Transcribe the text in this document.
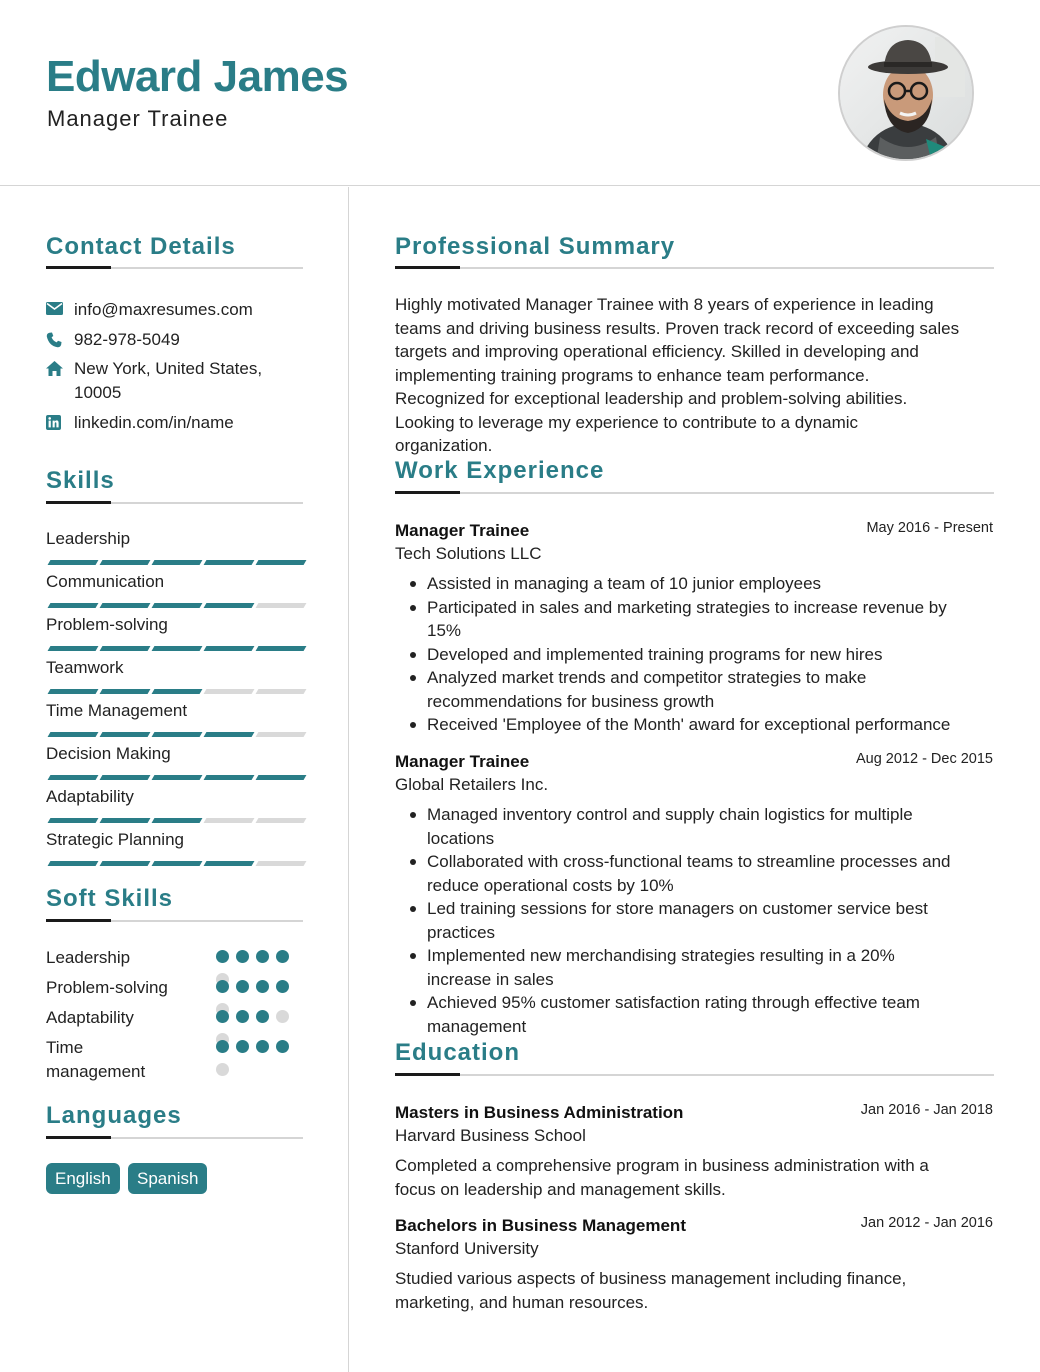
Edward James
Manager Trainee
Contact Details
info@maxresumes.com
982-978-5049
New York, United States,
10005
linkedin.com/in/name
Skills
Leadership
Communication
Problem-solving
Teamwork
Time Management
Decision Making
Adaptability
Strategic Planning
Soft Skills
Leadership
Problem-solving
Adaptability
Time
management
Languages
English	Spanish
Professional Summary
Highly motivated Manager Trainee with 8 years of experience in leading
teams and driving business results. Proven track record of exceeding sales
targets and improving operational efficiency. Skilled in developing and
implementing training programs to enhance team performance.
Recognized for exceptional leadership and problem-solving abilities.
Looking to leverage my experience to contribute to a dynamic
organization.
Work Experience
Manager Trainee	May 2016 - Present
Tech Solutions LLC
Assisted in managing a team of 10 junior employees
Participated in sales and marketing strategies to increase revenue by
15%
Developed and implemented training programs for new hires
Analyzed market trends and competitor strategies to make
recommendations for business growth
Received 'Employee of the Month' award for exceptional performance
Manager Trainee	Aug 2012 - Dec 2015
Global Retailers Inc.
Managed inventory control and supply chain logistics for multiple
locations
Collaborated with cross-functional teams to streamline processes and
reduce operational costs by 10%
Led training sessions for store managers on customer service best
practices
Implemented new merchandising strategies resulting in a 20%
increase in sales
Achieved 95% customer satisfaction rating through effective team
management
Education
Masters in Business Administration	Jan 2016 - Jan 2018
Harvard Business School
Completed a comprehensive program in business administration with a
focus on leadership and management skills.
Bachelors in Business Management	Jan 2012 - Jan 2016
Stanford University
Studied various aspects of business management including finance,
marketing, and human resources.
